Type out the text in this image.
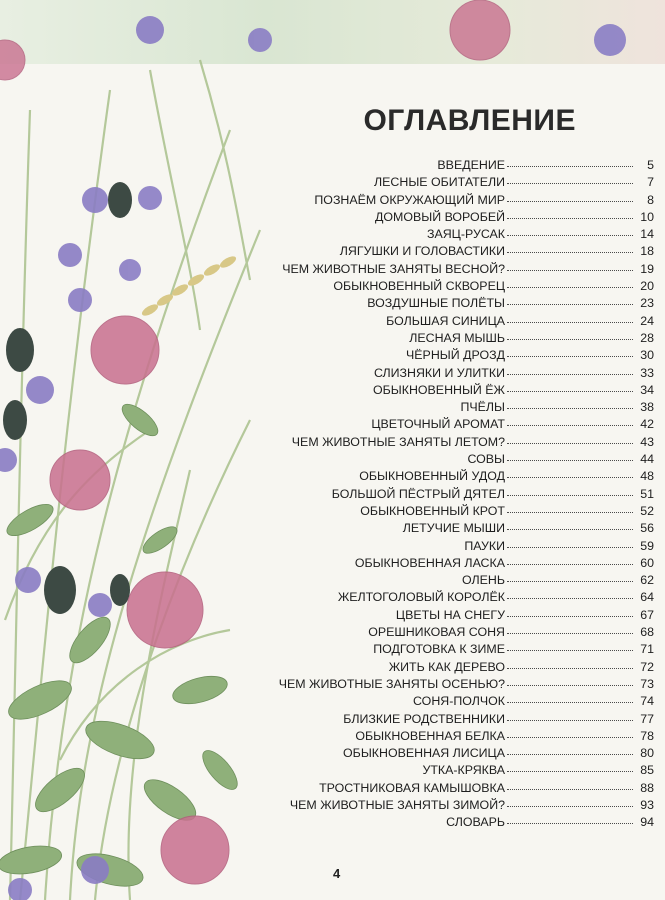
ОГЛАВЛЕНИЕ
ВВЕДЕНИЕ	5
ЛЕСНЫЕ ОБИТАТЕЛИ	7
ПОЗНАЁМ ОКРУЖАЮЩИЙ МИР	8
ДОМОВЫЙ ВОРОБЕЙ	10
ЗАЯЦ-РУСАК	14
ЛЯГУШКИ И ГОЛОВАСТИКИ	18
ЧЕМ ЖИВОТНЫЕ ЗАНЯТЫ ВЕСНОЙ?	19
ОБЫКНОВЕННЫЙ СКВОРЕЦ	20
ВОЗДУШНЫЕ ПОЛЁТЫ	23
БОЛЬШАЯ СИНИЦА	24
ЛЕСНАЯ МЫШЬ	28
ЧЁРНЫЙ ДРОЗД	30
СЛИЗНЯКИ И УЛИТКИ	33
ОБЫКНОВЕННЫЙ ЁЖ	34
ПЧЁЛЫ	38
ЦВЕТОЧНЫЙ АРОМАТ	42
ЧЕМ ЖИВОТНЫЕ ЗАНЯТЫ ЛЕТОМ?	43
СОВЫ	44
ОБЫКНОВЕННЫЙ УДОД	48
БОЛЬШОЙ ПЁСТРЫЙ ДЯТЕЛ	51
ОБЫКНОВЕННЫЙ КРОТ	52
ЛЕТУЧИЕ МЫШИ	56
ПАУКИ	59
ОБЫКНОВЕННАЯ ЛАСКА	60
ОЛЕНЬ	62
ЖЕЛТОГОЛОВЫЙ КОРОЛЁК	64
ЦВЕТЫ НА СНЕГУ	67
ОРЕШНИКОВАЯ СОНЯ	68
ПОДГОТОВКА К ЗИМЕ	71
ЖИТЬ КАК ДЕРЕВО	72
ЧЕМ ЖИВОТНЫЕ ЗАНЯТЫ ОСЕНЬЮ?	73
СОНЯ-ПОЛЧОК	74
БЛИЗКИЕ РОДСТВЕННИКИ	77
ОБЫКНОВЕННАЯ БЕЛКА	78
ОБЫКНОВЕННАЯ ЛИСИЦА	80
УТКА-КРЯКВА	85
ТРОСТНИКОВАЯ КАМЫШОВКА	88
ЧЕМ ЖИВОТНЫЕ ЗАНЯТЫ ЗИМОЙ?	93
СЛОВАРЬ	94
4
